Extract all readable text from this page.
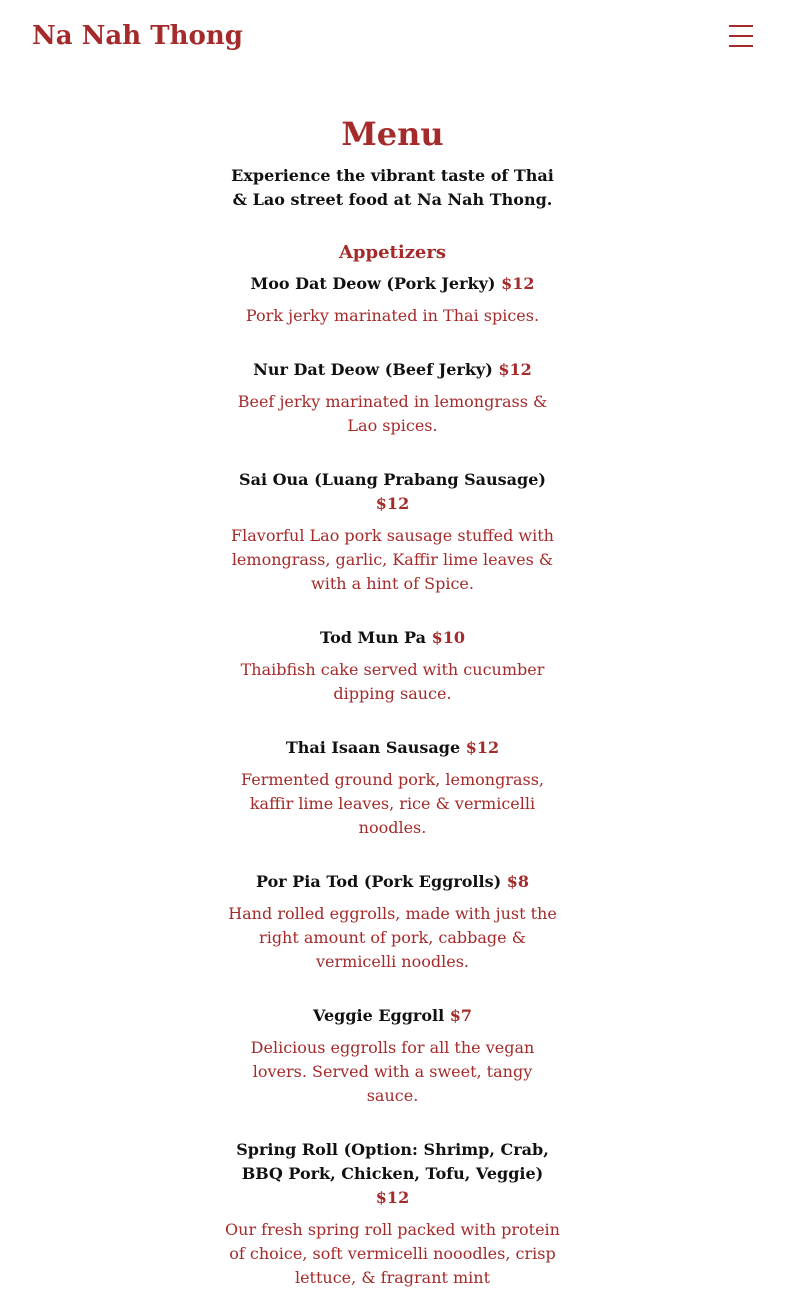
Na Nah Thong
Menu

Experience the vibrant taste of Thai & Lao street food at Na Nah Thong.

Appetizers

Moo Dat Deow (Pork Jerky) $12

Pork jerky marinated in Thai spices.

Nur Dat Deow (Beef Jerky) $12

Beef jerky marinated in lemongrass & Lao spices.

Sai Oua (Luang Prabang Sausage) $12

Flavorful Lao pork sausage stuffed with lemongrass, garlic, Kaffir lime leaves & with a hint of Spice.

Tod Mun Pa $10

Thaibfish cake served with cucumber dipping sauce.

Thai Isaan Sausage $12

Fermented ground pork, lemongrass, kaffir lime leaves, rice & vermicelli noodles.

Por Pia Tod (Pork Eggrolls) $8

Hand rolled eggrolls, made with just the right amount of pork, cabbage & vermicelli noodles.

Veggie Eggroll $7

Delicious eggrolls for all the vegan lovers. Served with a sweet, tangy sauce.

Spring Roll (Option: Shrimp, Crab, BBQ Pork, Chicken, Tofu, Veggie) $12

Our fresh spring roll packed with protein of choice, soft vermicelli nooodles, crisp lettuce, & fragrant mint
